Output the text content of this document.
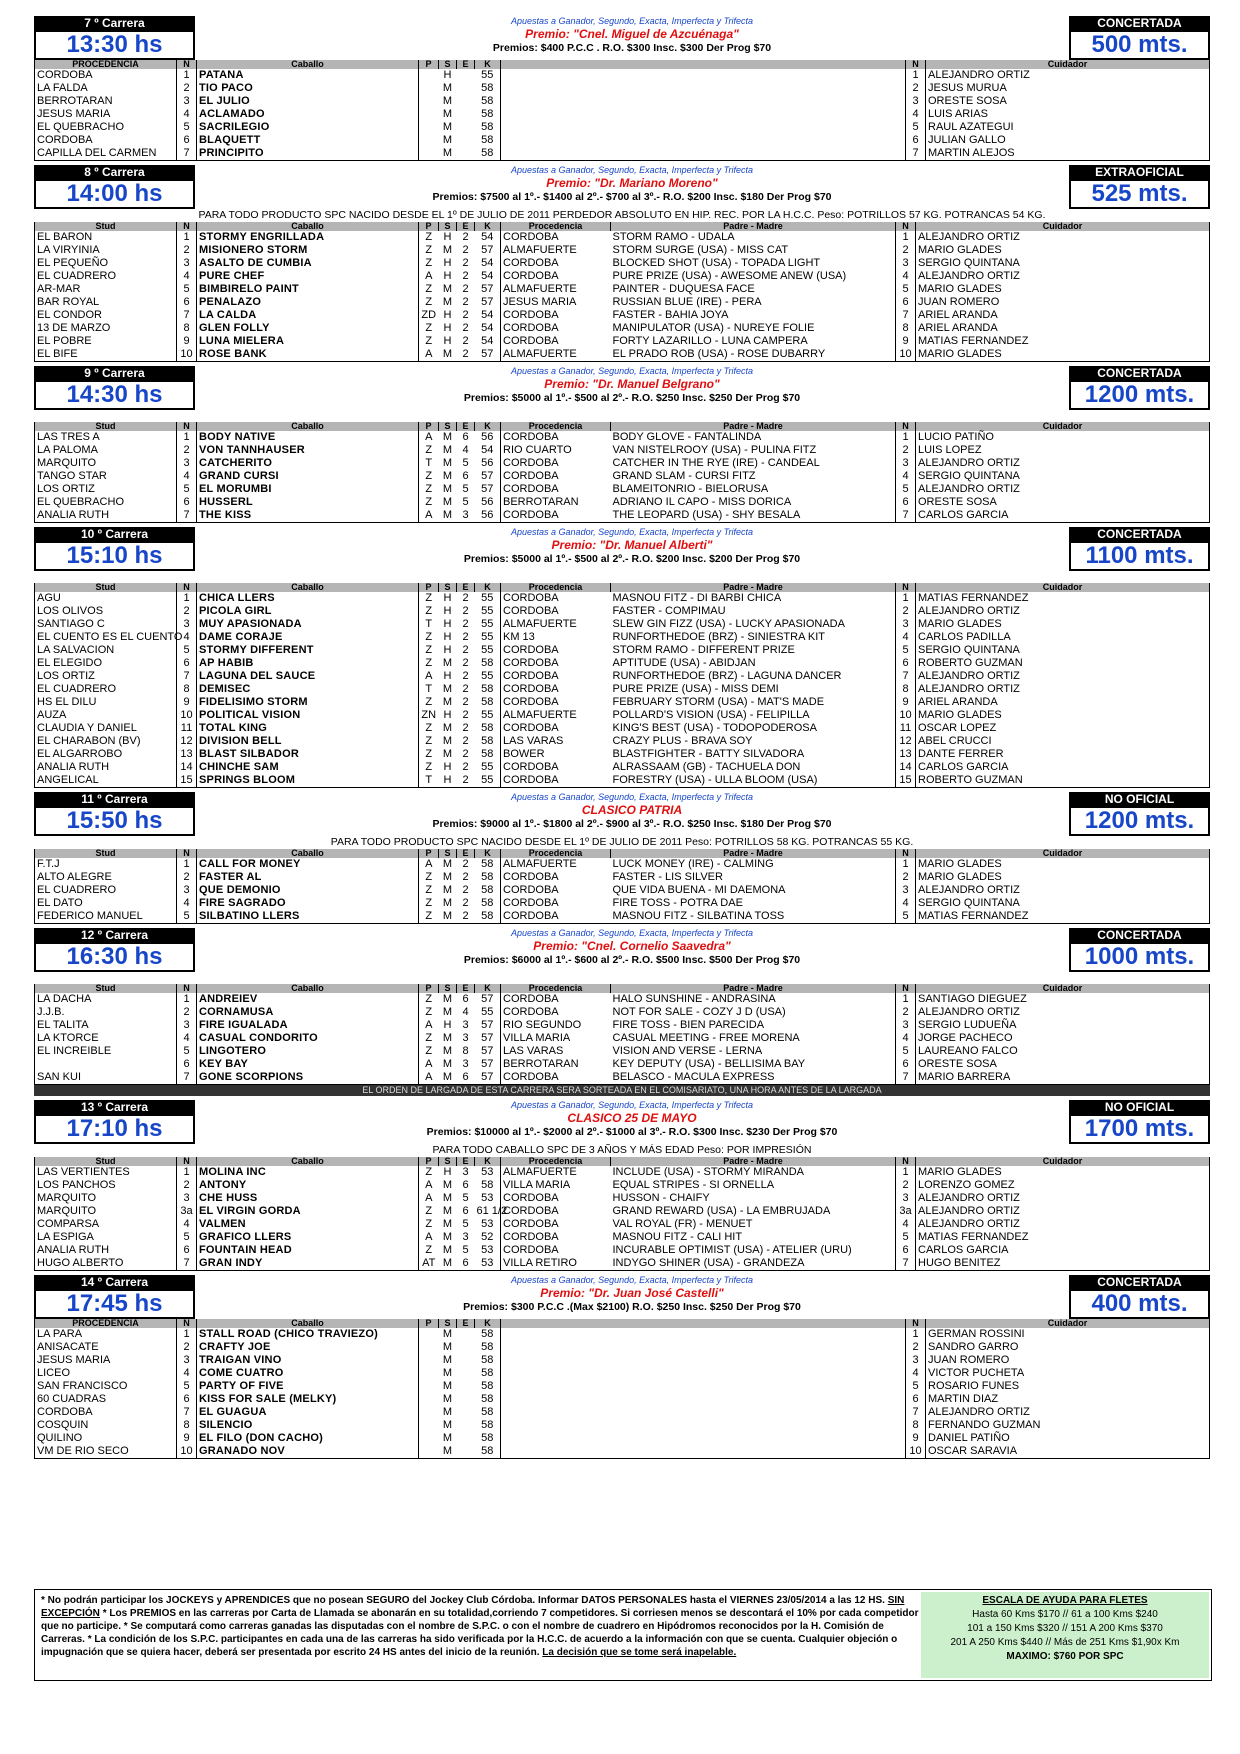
7 º Carrera
13:30 hs
Apuestas a Ganador, Segundo, Exacta, Imperfecta y Trifecta
Premio: "Cnel. Miguel de Azcuénaga"
Premios: $400 P.C.C . R.O. $300 Insc. $300 Der Prog $70
CONCERTADA
500 mts.
PROCEDENCIA	N	Caballo	P	S	E	K			N	Cuidador
CORDOBA	1	PATANA		H		55			1	ALEJANDRO ORTIZ
LA FALDA	2	TIO PACO		M		58			2	JESUS MURUA
BERROTARAN	3	EL JULIO		M		58			3	ORESTE SOSA
JESUS MARIA	4	ACLAMADO		M		58			4	LUIS ARIAS
EL QUEBRACHO	5	SACRILEGIO		M		58			5	RAUL AZATEGUI
CORDOBA	6	BLAQUETT		M		58			6	JULIAN GALLO
CAPILLA DEL CARMEN	7	PRINCIPITO		M		58			7	MARTIN ALEJOS
8 º Carrera
14:00 hs
Apuestas a Ganador, Segundo, Exacta, Imperfecta y Trifecta
Premio: "Dr. Mariano Moreno"
Premios: $7500 al 1º.- $1400 al 2º.- $700 al 3º.- R.O. $200 Insc. $180 Der Prog $70
EXTRAOFICIAL
525 mts.
PARA TODO PRODUCTO SPC NACIDO DESDE EL 1º DE JULIO DE 2011 PERDEDOR ABSOLUTO EN HIP. REC. POR LA H.C.C. Peso: POTRILLOS 57 KG. POTRANCAS 54 KG.
Stud	N	Caballo	P	S	E	K	Procedencia	Padre - Madre	N	Cuidador
EL BARON	1	STORMY ENGRILLADA	Z	H	2	54	CORDOBA	STORM RAMO - UDALA	1	ALEJANDRO ORTIZ
LA VIRYINIA	2	MISIONERO STORM	Z	M	2	57	ALMAFUERTE	STORM SURGE (USA) - MISS CAT	2	MARIO GLADES
EL PEQUEÑO	3	ASALTO DE CUMBIA	Z	H	2	54	CORDOBA	BLOCKED SHOT (USA) - TOPADA LIGHT	3	SERGIO QUINTANA
EL CUADRERO	4	PURE CHEF	A	H	2	54	CORDOBA	PURE PRIZE (USA) - AWESOME ANEW (USA)	4	ALEJANDRO ORTIZ
AR-MAR	5	BIMBIRELO PAINT	Z	M	2	57	ALMAFUERTE	PAINTER - DUQUESA FACE	5	MARIO GLADES
BAR ROYAL	6	PENALAZO	Z	M	2	57	JESUS MARIA	RUSSIAN BLUE (IRE) - PERA	6	JUAN ROMERO
EL CONDOR	7	LA CALDA	ZD	H	2	54	CORDOBA	FASTER - BAHIA JOYA	7	ARIEL ARANDA
13 DE MARZO	8	GLEN FOLLY	Z	H	2	54	CORDOBA	MANIPULATOR (USA) - NUREYE FOLIE	8	ARIEL ARANDA
EL POBRE	9	LUNA MIELERA	Z	H	2	54	CORDOBA	FORTY LAZARILLO - LUNA CAMPERA	9	MATIAS FERNANDEZ
EL BIFE	10	ROSE BANK	A	M	2	57	ALMAFUERTE	EL PRADO ROB (USA) - ROSE DUBARRY	10	MARIO GLADES
9 º Carrera
14:30 hs
Apuestas a Ganador, Segundo, Exacta, Imperfecta y Trifecta
Premio: "Dr. Manuel Belgrano"
Premios: $5000 al 1º.- $500 al 2º.- R.O. $250 Insc. $250 Der Prog $70
CONCERTADA
1200 mts.
Stud	N	Caballo	P	S	E	K	Procedencia	Padre - Madre	N	Cuidador
LAS TRES A	1	BODY NATIVE	A	M	6	56	CORDOBA	BODY GLOVE - FANTALINDA	1	LUCIO PATIÑO
LA PALOMA	2	VON TANNHAUSER	Z	M	4	54	RIO CUARTO	VAN NISTELROOY (USA) - PULINA FITZ	2	LUIS LOPEZ
MARQUITO	3	CATCHERITO	T	M	5	56	CORDOBA	CATCHER IN THE RYE (IRE) - CANDEAL	3	ALEJANDRO ORTIZ
TANGO STAR	4	GRAND CURSI	Z	M	6	57	CORDOBA	GRAND SLAM - CURSI FITZ	4	SERGIO QUINTANA
LOS ORTIZ	5	EL MORUMBI	Z	M	5	57	CORDOBA	BLAMEITONRIO - BIELORUSA	5	ALEJANDRO ORTIZ
EL QUEBRACHO	6	HUSSERL	Z	M	5	56	BERROTARAN	ADRIANO IL CAPO - MISS DORICA	6	ORESTE SOSA
ANALIA RUTH	7	THE KISS	A	M	3	56	CORDOBA	THE LEOPARD (USA) - SHY BESALA	7	CARLOS GARCIA
10 º Carrera
15:10 hs
Apuestas a Ganador, Segundo, Exacta, Imperfecta y Trifecta
Premio: "Dr. Manuel Alberti"
Premios: $5000 al 1º.- $500 al 2º.- R.O. $200 Insc. $200 Der Prog $70
CONCERTADA
1100 mts.
Stud	N	Caballo	P	S	E	K	Procedencia	Padre - Madre	N	Cuidador
AGU	1	CHICA LLERS	Z	H	2	55	CORDOBA	MASNOU FITZ - DI BARBI CHICA	1	MATIAS FERNANDEZ
LOS OLIVOS	2	PICOLA GIRL	Z	H	2	55	CORDOBA	FASTER - COMPIMAU	2	ALEJANDRO ORTIZ
SANTIAGO C	3	MUY APASIONADA	T	H	2	55	ALMAFUERTE	SLEW GIN FIZZ (USA) - LUCKY APASIONADA	3	MARIO GLADES
EL CUENTO ES EL CUENTO	4	DAME CORAJE	Z	H	2	55	KM 13	RUNFORTHEDOE (BRZ) - SINIESTRA KIT	4	CARLOS PADILLA
LA SALVACION	5	STORMY DIFFERENT	Z	H	2	55	CORDOBA	STORM RAMO - DIFFERENT PRIZE	5	SERGIO QUINTANA
EL ELEGIDO	6	AP HABIB	Z	M	2	58	CORDOBA	APTITUDE (USA) - ABIDJAN	6	ROBERTO GUZMAN
LOS ORTIZ	7	LAGUNA DEL SAUCE	A	H	2	55	CORDOBA	RUNFORTHEDOE (BRZ) - LAGUNA DANCER	7	ALEJANDRO ORTIZ
EL CUADRERO	8	DEMISEC	T	M	2	58	CORDOBA	PURE PRIZE (USA) - MISS DEMI	8	ALEJANDRO ORTIZ
HS EL DILU	9	FIDELISIMO STORM	Z	M	2	58	CORDOBA	FEBRUARY STORM (USA) - MAT'S MADE	9	ARIEL ARANDA
AUZA	10	POLITICAL VISION	ZN	H	2	55	ALMAFUERTE	POLLARD'S VISION (USA) - FELIPILLA	10	MARIO GLADES
CLAUDIA Y DANIEL	11	TOTAL KING	Z	M	2	58	CORDOBA	KING'S BEST (USA) - TODOPODEROSA	11	OSCAR LOPEZ
EL CHARABON (BV)	12	DIVISION BELL	Z	M	2	58	LAS VARAS	CRAZY PLUS - BRAVA SOY	12	ABEL CRUCCI
EL ALGARROBO	13	BLAST SILBADOR	Z	M	2	58	BOWER	BLASTFIGHTER - BATTY SILVADORA	13	DANTE FERRER
ANALIA RUTH	14	CHINCHE SAM	Z	H	2	55	CORDOBA	ALRASSAAM (GB) - TACHUELA DON	14	CARLOS GARCIA
ANGELICAL	15	SPRINGS BLOOM	T	H	2	55	CORDOBA	FORESTRY (USA) - ULLA BLOOM (USA)	15	ROBERTO GUZMAN
11 º Carrera
15:50 hs
Apuestas a Ganador, Segundo, Exacta, Imperfecta y Trifecta
CLASICO PATRIA
Premios: $9000 al 1º.- $1800 al 2º.- $900 al 3º.- R.O. $250 Insc. $180 Der Prog $70
NO OFICIAL
1200 mts.
PARA TODO PRODUCTO SPC NACIDO DESDE EL 1º DE JULIO DE 2011 Peso: POTRILLOS 58 KG. POTRANCAS 55 KG.
Stud	N	Caballo	P	S	E	K	Procedencia	Padre - Madre	N	Cuidador
F.T.J	1	CALL FOR MONEY	A	M	2	58	ALMAFUERTE	LUCK MONEY (IRE) - CALMING	1	MARIO GLADES
ALTO ALEGRE	2	FASTER AL	Z	M	2	58	CORDOBA	FASTER - LIS SILVER	2	MARIO GLADES
EL CUADRERO	3	QUE DEMONIO	Z	M	2	58	CORDOBA	QUE VIDA BUENA - MI DAEMONA	3	ALEJANDRO ORTIZ
EL DATO	4	FIRE SAGRADO	Z	M	2	58	CORDOBA	FIRE TOSS - POTRA DAE	4	SERGIO QUINTANA
FEDERICO MANUEL	5	SILBATINO LLERS	Z	M	2	58	CORDOBA	MASNOU FITZ - SILBATINA TOSS	5	MATIAS FERNANDEZ
12 º Carrera
16:30 hs
Apuestas a Ganador, Segundo, Exacta, Imperfecta y Trifecta
Premio: "Cnel. Cornelio Saavedra"
Premios: $6000 al 1º.- $600 al 2º.- R.O. $500 Insc. $500 Der Prog $70
CONCERTADA
1000 mts.
Stud	N	Caballo	P	S	E	K	Procedencia	Padre - Madre	N	Cuidador
LA DACHA	1	ANDREIEV	Z	M	6	57	CORDOBA	HALO SUNSHINE - ANDRASINA	1	SANTIAGO DIEGUEZ
J.J.B.	2	CORNAMUSA	Z	M	4	55	CORDOBA	NOT FOR SALE - COZY J D (USA)	2	ALEJANDRO ORTIZ
EL TALITA	3	FIRE IGUALADA	A	H	3	57	RIO SEGUNDO	FIRE TOSS - BIEN PARECIDA	3	SERGIO LUDUEÑA
LA KTORCE	4	CASUAL CONDORITO	Z	M	3	57	VILLA MARIA	CASUAL MEETING - FREE MORENA	4	JORGE PACHECO
EL INCREIBLE	5	LINGOTERO	Z	M	8	57	LAS VARAS	VISION AND VERSE - LERNA	5	LAUREANO FALCO
	6	KEY BAY	A	M	3	57	BERROTARAN	KEY DEPUTY (USA) - BELLISIMA BAY	6	ORESTE SOSA
SAN KUI	7	GONE SCORPIONS	A	M	6	57	CORDOBA	BELASCO - MACULA EXPRESS	7	MARIO BARRERA
EL ORDEN DE LARGADA DE ESTA CARRERA SERA SORTEADA EN EL COMISARIATO, UNA HORA ANTES DE LA LARGADA
13 º Carrera
17:10 hs
Apuestas a Ganador, Segundo, Exacta, Imperfecta y Trifecta
CLASICO 25 DE MAYO
Premios: $10000 al 1º.- $2000 al 2º.- $1000 al 3º.- R.O. $300 Insc. $230 Der Prog $70
NO OFICIAL
1700 mts.
PARA TODO CABALLO SPC DE 3 AÑOS Y MÁS EDAD Peso: POR IMPRESIÓN
Stud	N	Caballo	P	S	E	K	Procedencia	Padre - Madre	N	Cuidador
LAS VERTIENTES	1	MOLINA INC	Z	H	3	53	ALMAFUERTE	INCLUDE (USA) - STORMY MIRANDA	1	MARIO GLADES
LOS PANCHOS	2	ANTONY	A	M	6	58	VILLA MARIA	EQUAL STRIPES - SI ORNELLA	2	LORENZO GOMEZ
MARQUITO	3	CHE HUSS	A	M	5	53	CORDOBA	HUSSON - CHAIFY	3	ALEJANDRO ORTIZ
MARQUITO	3a	EL VIRGIN GORDA	Z	M	6	61 1/2	CORDOBA	GRAND REWARD (USA) - LA EMBRUJADA	3a	ALEJANDRO ORTIZ
COMPARSA	4	VALMEN	Z	M	5	53	CORDOBA	VAL ROYAL (FR) - MENUET	4	ALEJANDRO ORTIZ
LA ESPIGA	5	GRAFICO LLERS	A	M	3	52	CORDOBA	MASNOU FITZ - CALI HIT	5	MATIAS FERNANDEZ
ANALIA RUTH	6	FOUNTAIN HEAD	Z	M	5	53	CORDOBA	INCURABLE OPTIMIST (USA) - ATELIER (URU)	6	CARLOS GARCIA
HUGO ALBERTO	7	GRAN INDY	AT	M	6	53	VILLA RETIRO	INDYGO SHINER (USA) - GRANDEZA	7	HUGO BENITEZ
14 º Carrera
17:45 hs
Apuestas a Ganador, Segundo, Exacta, Imperfecta y Trifecta
Premio: "Dr. Juan José Castelli"
Premios: $300 P.C.C .(Max $2100) R.O. $250 Insc. $250 Der Prog $70
CONCERTADA
400 mts.
PROCEDENCIA	N	Caballo	P	S	E	K			N	Cuidador
LA PARA	1	STALL ROAD (CHICO TRAVIEZO)		M		58			1	GERMAN ROSSINI
ANISACATE	2	CRAFTY JOE		M		58			2	SANDRO GARRO
JESUS MARIA	3	TRAIGAN VINO		M		58			3	JUAN ROMERO
LICEO	4	COME CUATRO		M		58			4	VICTOR PUCHETA
SAN FRANCISCO	5	PARTY OF FIVE		M		58			5	ROSARIO FUNES
60 CUADRAS	6	KISS FOR SALE (MELKY)		M		58			6	MARTIN DIAZ
CORDOBA	7	EL GUAGUA		M		58			7	ALEJANDRO ORTIZ
COSQUIN	8	SILENCIO		M		58			8	FERNANDO GUZMAN
QUILINO	9	EL FILO (DON CACHO)		M		58			9	DANIEL PATIÑO
VM DE RIO SECO	10	GRANADO NOV		M		58			10	OSCAR SARAVIA
* No podrán participar los JOCKEYS y APRENDICES que no posean SEGURO del Jockey Club Córdoba. Informar DATOS PERSONALES hasta el VIERNES 23/05/2014 a las 12 HS. SIN EXCEPCIÓN * Los PREMIOS en las carreras por Carta de Llamada se abonarán en su totalidad,corriendo 7 competidores. Si corriesen menos se descontará el 10% por cada competidor que no participe. * Se computará como carreras ganadas las disputadas con el nombre de S.P.C. o con el nombre de cuadrero en Hipódromos reconocidos por la H. Comisión de Carreras. * La condición de los S.P.C. participantes en cada una de las carreras ha sido verificada por la H.C.C. de acuerdo a la información con que se cuenta. Cualquier objeción o impugnación que se quiera hacer, deberá ser presentada por escrito 24 HS antes del inicio de la reunión. La decisión que se tome será inapelable.
ESCALA DE AYUDA PARA FLETES
Hasta 60 Kms $170 // 61 a 100 Kms $240
101 a 150 Kms $320 // 151 A 200 Kms $370
201 A 250 Kms $440 // Más de 251 Kms $1,90x Km
MAXIMO: $760 POR SPC
